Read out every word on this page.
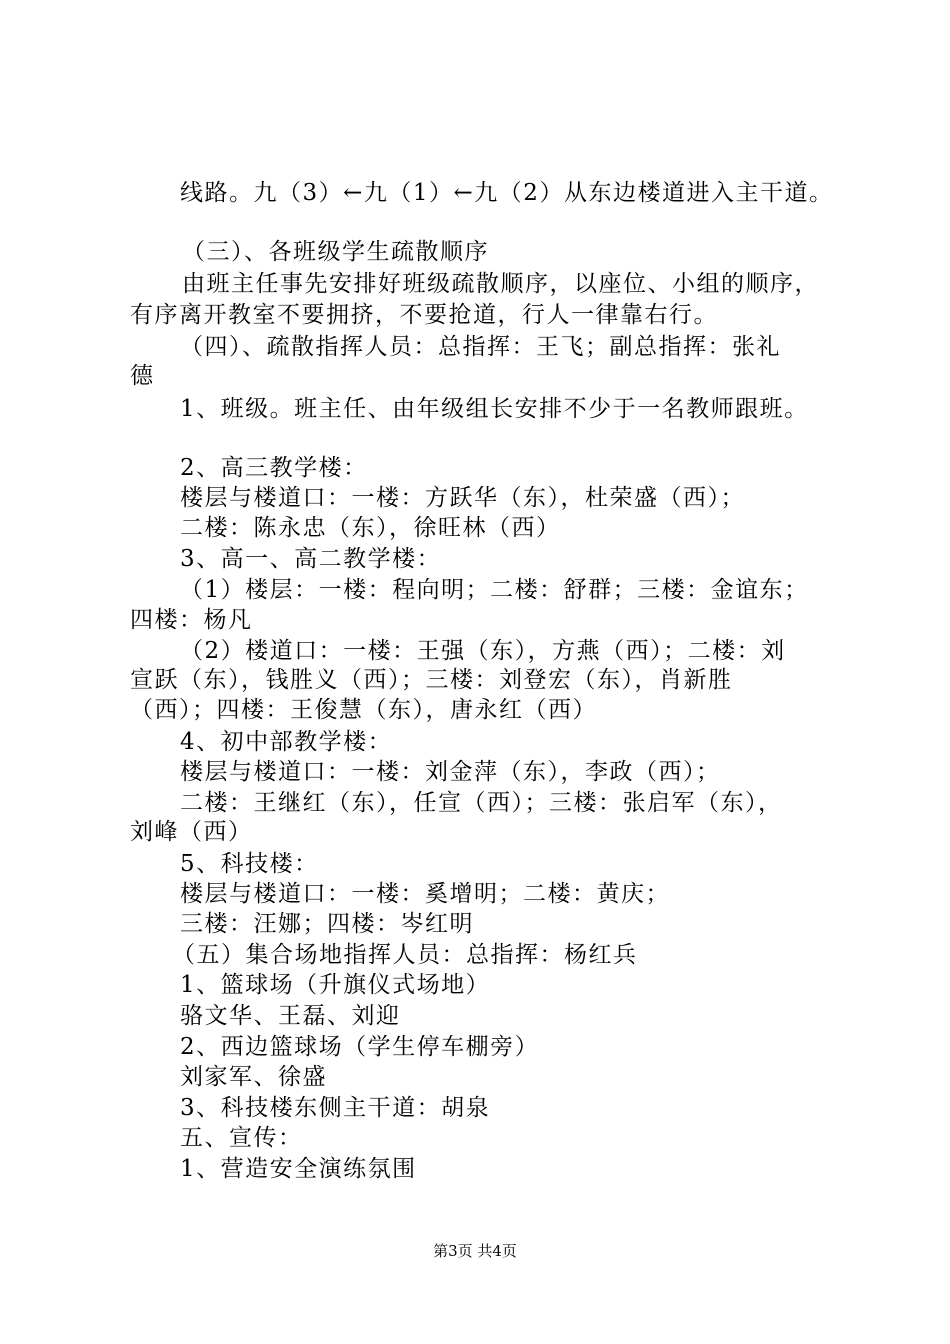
线路。九（3）←九（1）←九（2）从东边楼道进入主干道。
（三）、各班级学生疏散顺序
由班主任事先安排好班级疏散顺序，以座位、小组的顺序，
有序离开教室不要拥挤，不要抢道，行人一律靠右行。
（四）、疏散指挥人员：总指挥：王飞；副总指挥：张礼
德
1、班级。班主任、由年级组长安排不少于一名教师跟班。
2、高三教学楼：
楼层与楼道口：一楼：方跃华（东），杜荣盛（西）；
二楼：陈永忠（东），徐旺林（西）
3、高一、高二教学楼：
（1）楼层：一楼：程向明；二楼：舒群；三楼：金谊东；
四楼：杨凡
（2）楼道口：一楼：王强（东），方燕（西）；二楼：刘
宣跃（东），钱胜义（西）；三楼：刘登宏（东），肖新胜
（西）；四楼：王俊慧（东），唐永红（西）
4、初中部教学楼：
楼层与楼道口：一楼：刘金萍（东），李政（西）；
二楼：王继红（东），任宣（西）；三楼：张启军（东），
刘峰（西）
5、科技楼：
楼层与楼道口：一楼：奚增明；二楼：黄庆；
三楼：汪娜；四楼：岑红明
（五）集合场地指挥人员：总指挥：杨红兵
1、篮球场（升旗仪式场地）
骆文华、王磊、刘迎
2、西边篮球场（学生停车棚旁）
刘家军、徐盛
3、科技楼东侧主干道：胡泉
五、宣传：
1、营造安全演练氛围
第3页 共4页
